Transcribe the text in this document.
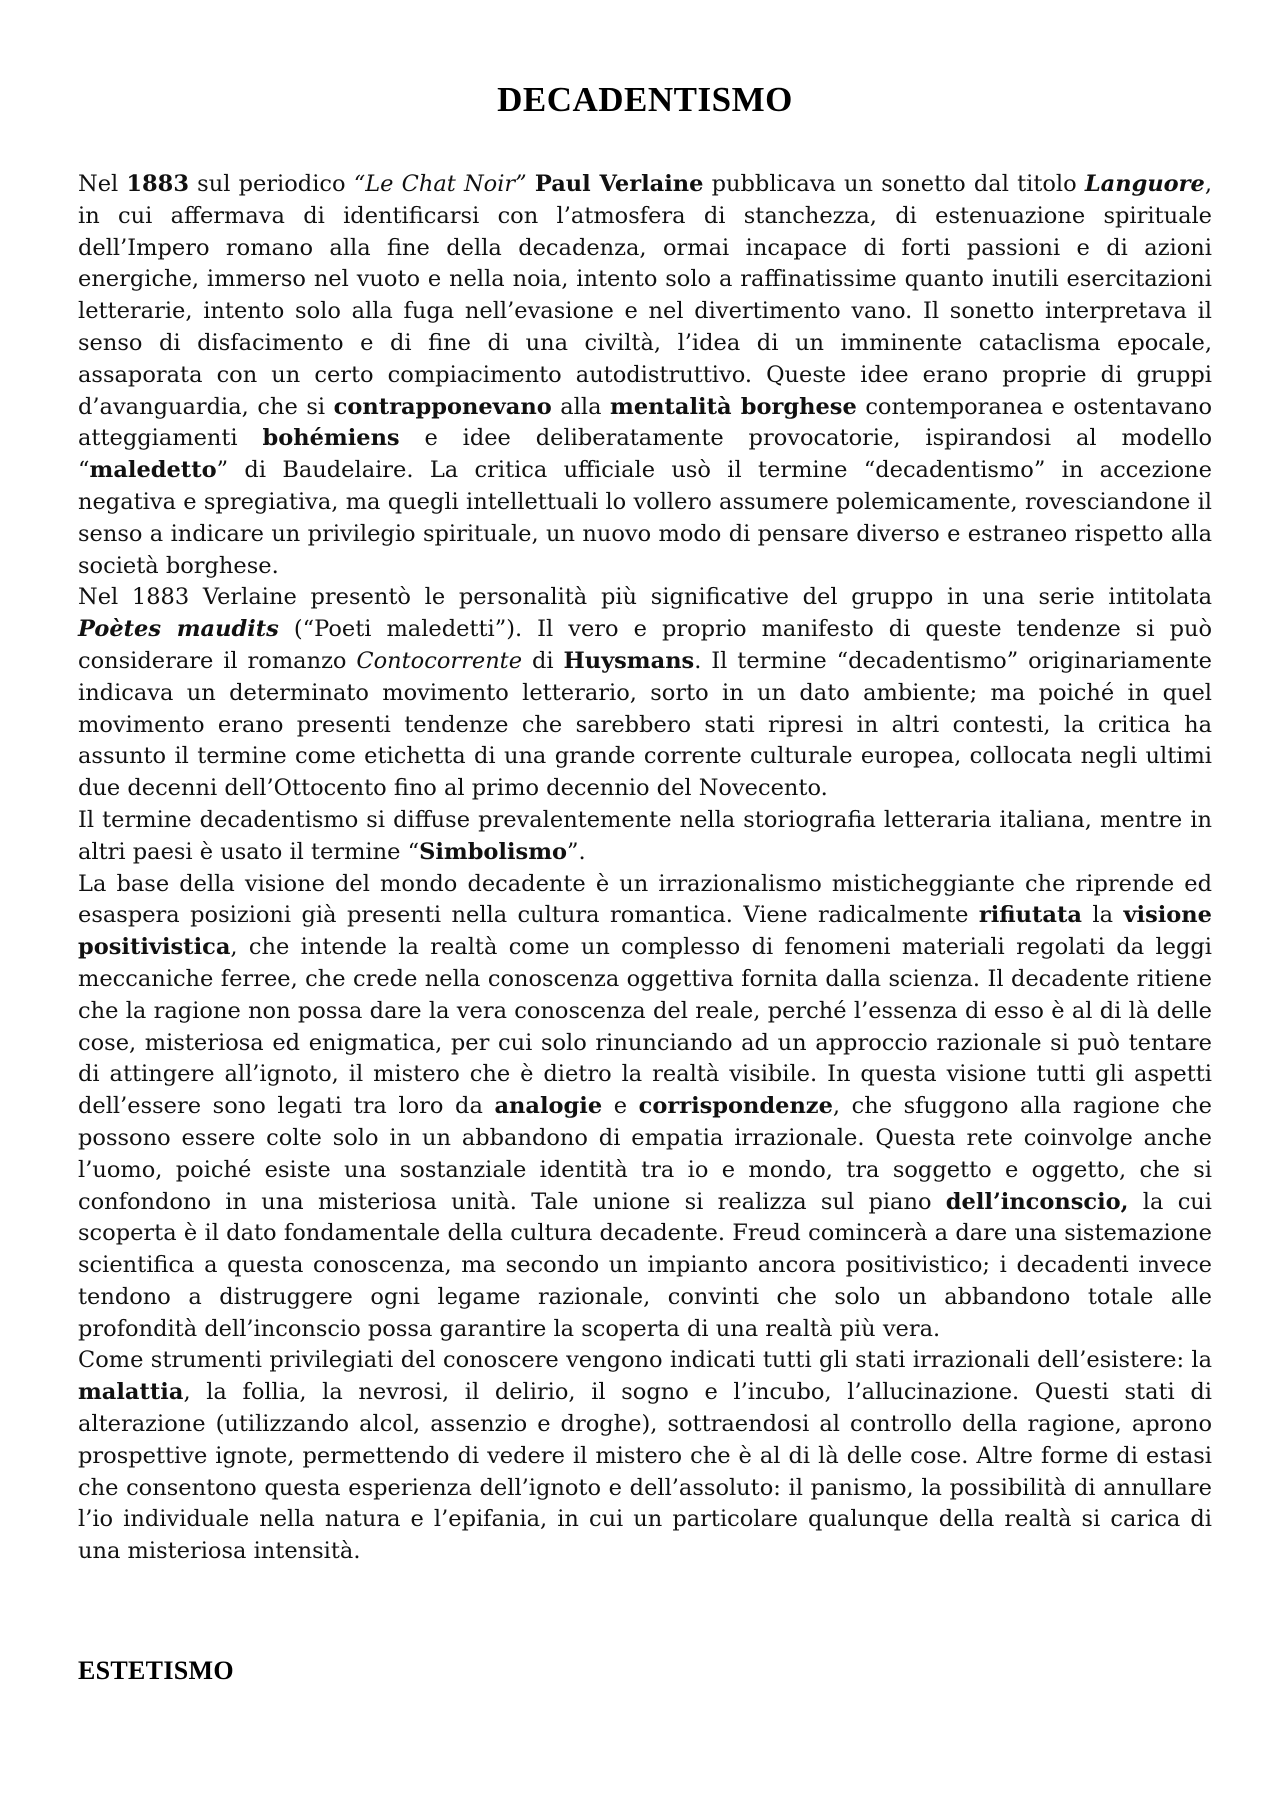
DECADENTISMO

Nel 1883 sul periodico “Le Chat Noir” Paul Verlaine pubblicava un sonetto dal titolo Languore, in cui affermava di identificarsi con l’atmosfera di stanchezza, di estenuazione spirituale dell’Impero romano alla fine della decadenza, ormai incapace di forti passioni e di azioni energiche, immerso nel vuoto e nella noia, intento solo a raffinatissime quanto inutili esercitazioni letterarie, intento solo alla fuga nell’evasione e nel divertimento vano. Il sonetto interpretava il senso di disfacimento e di fine di una civiltà, l’idea di un imminente cataclisma epocale, assaporata con un certo compiacimento autodistruttivo. Queste idee erano proprie di gruppi d’avanguardia, che si contrapponevano alla mentalità borghese contemporanea e ostentavano atteggiamenti bohémiens e idee deliberatamente provocatorie, ispirandosi al modello “maledetto” di Baudelaire. La critica ufficiale usò il termine “decadentismo” in accezione negativa e spregiativa, ma quegli intellettuali lo vollero assumere polemicamente, rovesciandone il senso a indicare un privilegio spirituale, un nuovo modo di pensare diverso e estraneo rispetto alla società borghese.

Nel 1883 Verlaine presentò le personalità più significative del gruppo in una serie intitolata Poètes maudits (“Poeti maledetti”). Il vero e proprio manifesto di queste tendenze si può considerare il romanzo Contocorrente di Huysmans. Il termine “decadentismo” originariamente indicava un determinato movimento letterario, sorto in un dato ambiente; ma poiché in quel movimento erano presenti tendenze che sarebbero stati ripresi in altri contesti, la critica ha assunto il termine come etichetta di una grande corrente culturale europea, collocata negli ultimi due decenni dell’Ottocento fino al primo decennio del Novecento.

Il termine decadentismo si diffuse prevalentemente nella storiografia letteraria italiana, mentre in altri paesi è usato il termine “Simbolismo”.

La base della visione del mondo decadente è un irrazionalismo misticheggiante che riprende ed esaspera posizioni già presenti nella cultura romantica. Viene radicalmente rifiutata la visione positivistica, che intende la realtà come un complesso di fenomeni materiali regolati da leggi meccaniche ferree, che crede nella conoscenza oggettiva fornita dalla scienza. Il decadente ritiene che la ragione non possa dare la vera conoscenza del reale, perché l’essenza di esso è al di là delle cose, misteriosa ed enigmatica, per cui solo rinunciando ad un approccio razionale si può tentare di attingere all’ignoto, il mistero che è dietro la realtà visibile. In questa visione tutti gli aspetti dell’essere sono legati tra loro da analogie e corrispondenze, che sfuggono alla ragione che possono essere colte solo in un abbandono di empatia irrazionale. Questa rete coinvolge anche l’uomo, poiché esiste una sostanziale identità tra io e mondo, tra soggetto e oggetto, che si confondono in una misteriosa unità. Tale unione si realizza sul piano dell’inconscio, la cui scoperta è il dato fondamentale della cultura decadente. Freud comincerà a dare una sistemazione scientifica a questa conoscenza, ma secondo un impianto ancora positivistico; i decadenti invece tendono a distruggere ogni legame razionale, convinti che solo un abbandono totale alle profondità dell’inconscio possa garantire la scoperta di una realtà più vera.

Come strumenti privilegiati del conoscere vengono indicati tutti gli stati irrazionali dell’esistere: la malattia, la follia, la nevrosi, il delirio, il sogno e l’incubo, l’allucinazione. Questi stati di alterazione (utilizzando alcol, assenzio e droghe), sottraendosi al controllo della ragione, aprono prospettive ignote, permettendo di vedere il mistero che è al di là delle cose. Altre forme di estasi che consentono questa esperienza dell’ignoto e dell’assoluto: il panismo, la possibilità di annullare l’io individuale nella natura e l’epifania, in cui un particolare qualunque della realtà si carica di una misteriosa intensità.

ESTETISMO
